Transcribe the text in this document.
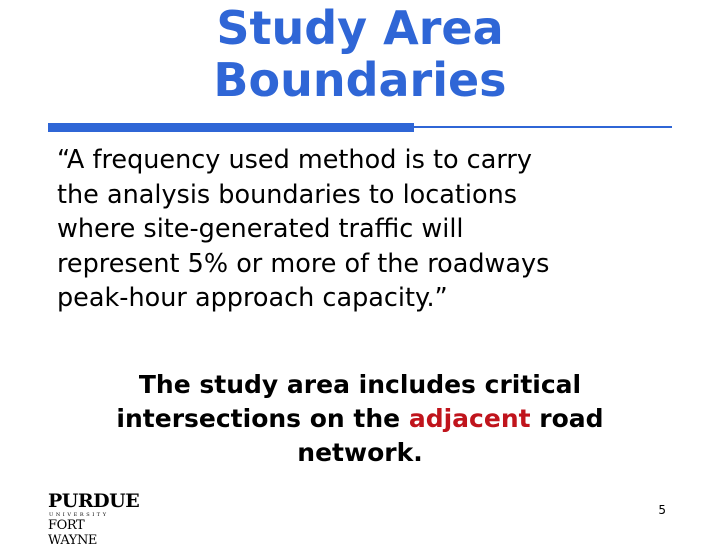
Study Area
Boundaries

“A frequency used method is to carry
the analysis boundaries to locations
where site-generated traffic will
represent 5% or more of the roadways
peak-hour approach capacity.”

The study area includes critical
intersections on the adjacent road
network.

PURDUE
UNIVERSITY
FORT WAYNE
5
